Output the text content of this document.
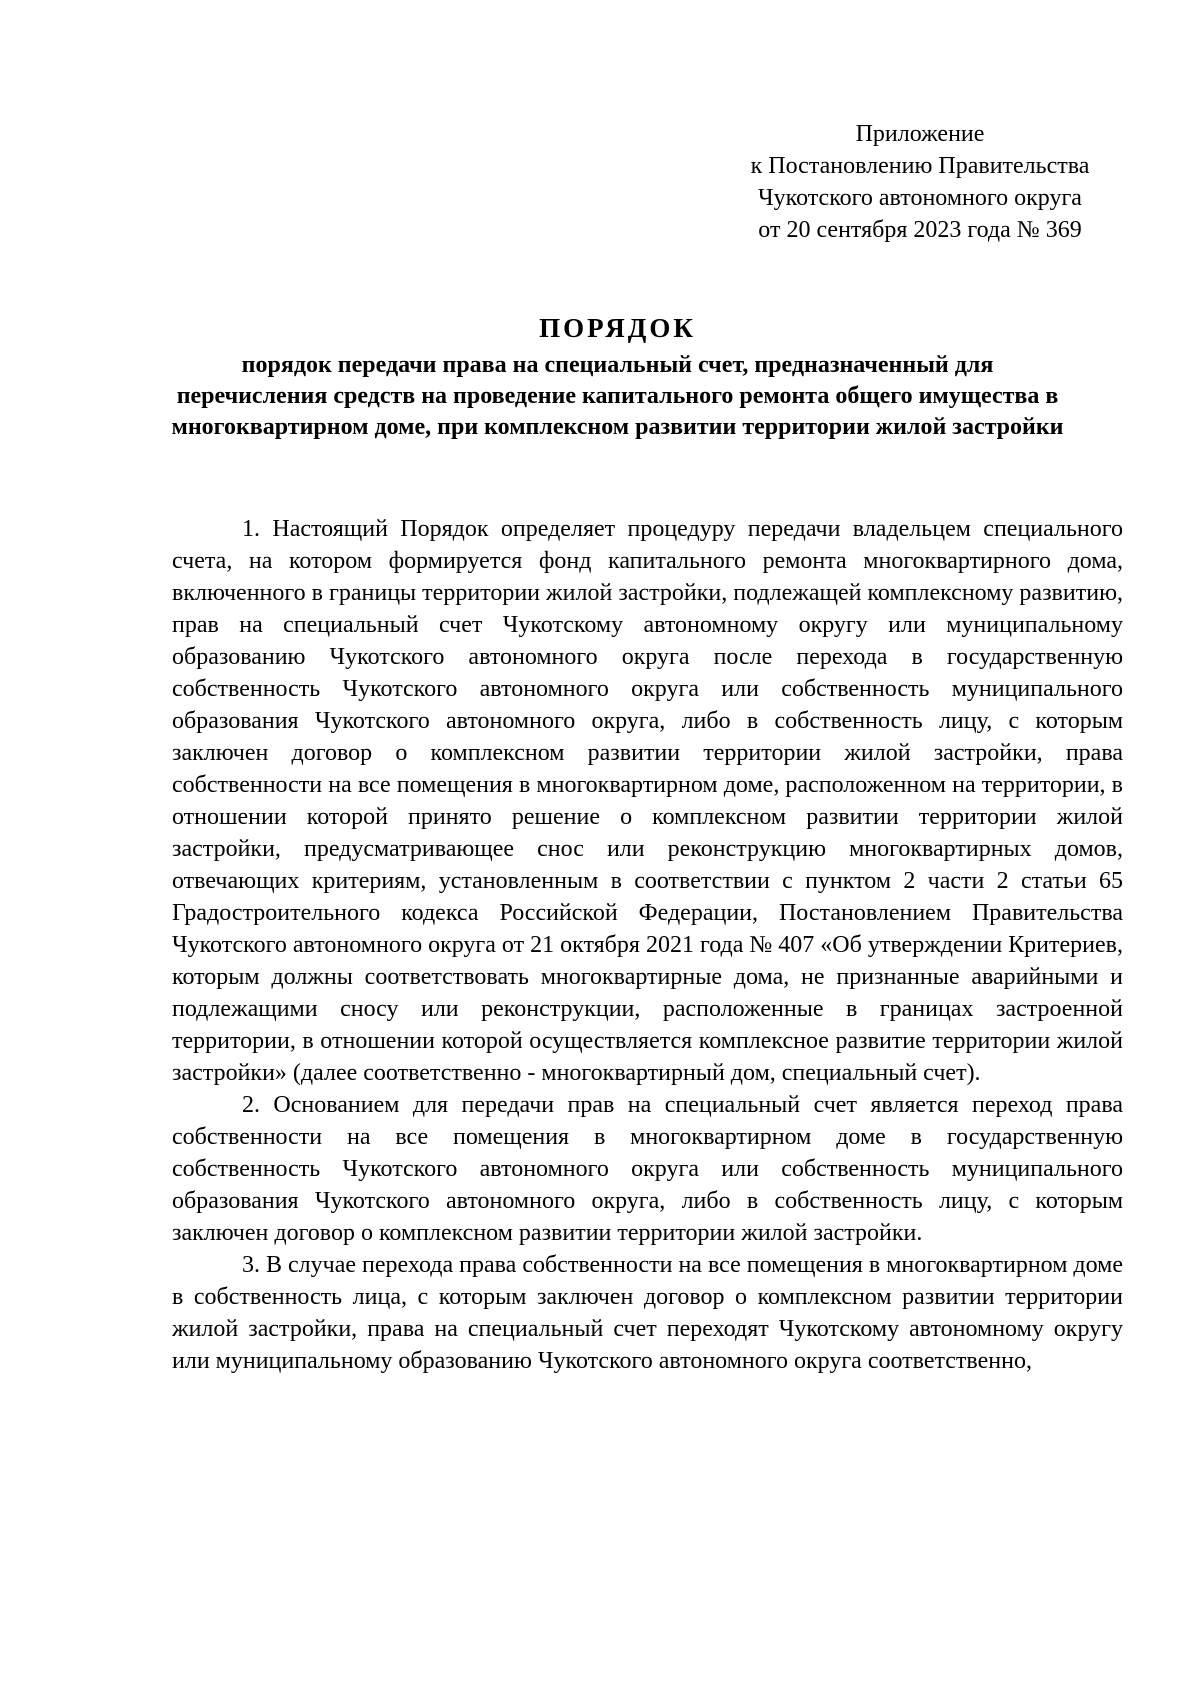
Приложение
к Постановлению Правительства
Чукотского автономного округа
от 20 сентября 2023 года № 369
ПОРЯДОК
порядок передачи права на специальный счет, предназначенный для перечисления средств на проведение капитального ремонта общего имущества в многоквартирном доме, при комплексном развитии территории жилой застройки

1. Настоящий Порядок определяет процедуру передачи владельцем специального счета, на котором формируется фонд капитального ремонта многоквартирного дома, включенного в границы территории жилой застройки, подлежащей комплексному развитию, прав на специальный счет Чукотскому автономному округу или муниципальному образованию Чукотского автономного округа после перехода в государственную собственность Чукотского автономного округа или собственность муниципального образования Чукотского автономного округа, либо в собственность лицу, с которым заключен договор о комплексном развитии территории жилой застройки, права собственности на все помещения в многоквартирном доме, расположенном на территории, в отношении которой принято решение о комплексном развитии территории жилой застройки, предусматривающее снос или реконструкцию многоквартирных домов, отвечающих критериям, установленным в соответствии с пунктом 2 части 2 статьи 65 Градостроительного кодекса Российской Федерации, Постановлением Правительства Чукотского автономного округа от 21 октября 2021 года № 407 «Об утверждении Критериев, которым должны соответствовать многоквартирные дома, не признанные аварийными и подлежащими сносу или реконструкции, расположенные в границах застроенной территории, в отношении которой осуществляется комплексное развитие территории жилой застройки» (далее соответственно - многоквартирный дом, специальный счет).

2. Основанием для передачи прав на специальный счет является переход права собственности на все помещения в многоквартирном доме в государственную собственность Чукотского автономного округа или собственность муниципального образования Чукотского автономного округа, либо в собственность лицу, с которым заключен договор о комплексном развитии территории жилой застройки.

3. В случае перехода права собственности на все помещения в многоквартирном доме в собственность лица, с которым заключен договор о комплексном развитии территории жилой застройки, права на специальный счет переходят Чукотскому автономному округу или муниципальному образованию Чукотского автономного округа соответственно,
